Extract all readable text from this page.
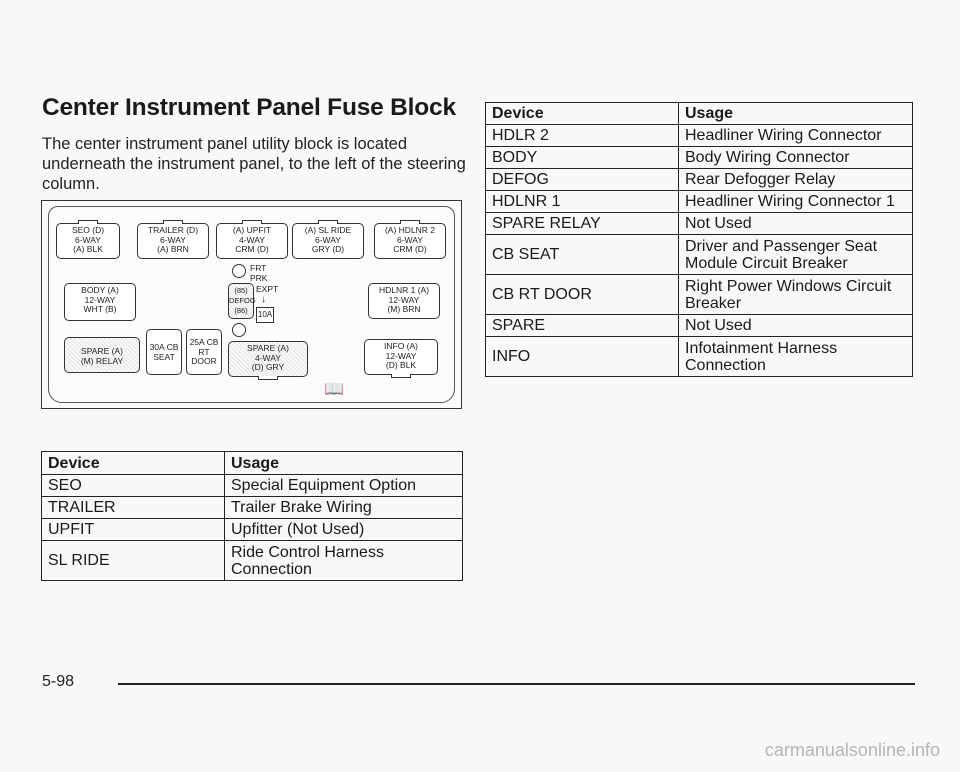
Center Instrument Panel Fuse Block
The center instrument panel utility block is located underneath the instrument panel, to the left of the steering column.
SEO (D)
6-WAY
(A) BLK
TRAILER (D)
6-WAY
(A) BRN
(A) UPFIT
4-WAY
CRM (D)
(A) SL RIDE
6-WAY
GRY (D)
(A) HDLNR 2
6-WAY
CRM (D)
FRT
PRK
BODY (A)
12-WAY
WHT (B)
(85)
DEFOG
(86)
EXPT
↓
10A
HDLNR 1 (A)
12-WAY
(M) BRN
SPARE (A)
(M) RELAY
30A CB
SEAT
25A CB
RT
DOOR
SPARE (A)
4-WAY
(D) GRY
INFO (A)
12-WAY
(D) BLK
📖
Device	Usage
HDLR 2	Headliner Wiring Connector
BODY	Body Wiring Connector
DEFOG	Rear Defogger Relay
HDLNR 1	Headliner Wiring Connector 1
SPARE RELAY	Not Used
CB SEAT	Driver and Passenger Seat Module Circuit Breaker
CB RT DOOR	Right Power Windows Circuit Breaker
SPARE	Not Used
INFO	Infotainment Harness Connection
Device	Usage
SEO	Special Equipment Option
TRAILER	Trailer Brake Wiring
UPFIT	Upfitter (Not Used)
SL RIDE	Ride Control Harness Connection
5-98
carmanualsonline.info
